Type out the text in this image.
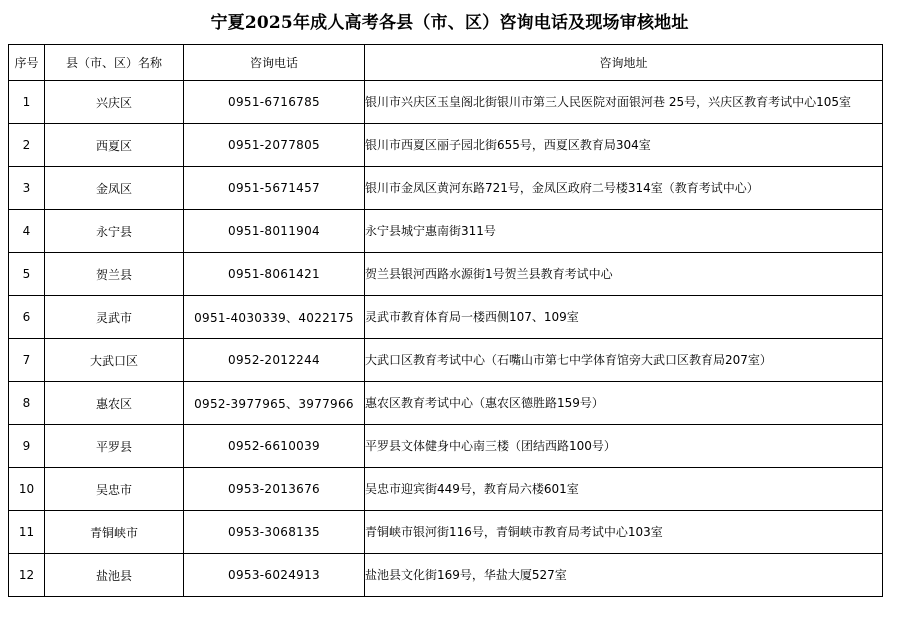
宁夏2025年成人高考各县（市、区）咨询电话及现场审核地址
序号	县（市、区）名称	咨询电话	咨询地址
1	兴庆区	0951-6716785	银川市兴庆区玉皇阁北街银川市第三人民医院对面银河巷 25号，兴庆区教育考试中心105室
2	西夏区	0951-2077805	银川市西夏区丽子园北街655号，西夏区教育局304室
3	金凤区	0951-5671457	银川市金凤区黄河东路721号，金凤区政府二号楼314室（教育考试中心）
4	永宁县	0951-8011904	永宁县城宁惠南街311号
5	贺兰县	0951-8061421	贺兰县银河西路水源街1号贺兰县教育考试中心
6	灵武市	0951-4030339、4022175	灵武市教育体育局一楼西侧107、109室
7	大武口区	0952-2012244	大武口区教育考试中心（石嘴山市第七中学体育馆旁大武口区教育局207室）
8	惠农区	0952-3977965、3977966	惠农区教育考试中心（惠农区德胜路159号）
9	平罗县	0952-6610039	平罗县文体健身中心南三楼（团结西路100号）
10	吴忠市	0953-2013676	吴忠市迎宾街449号，教育局六楼601室
11	青铜峡市	0953-3068135	青铜峡市银河街116号，青铜峡市教育局考试中心103室
12	盐池县	0953-6024913	盐池县文化街169号，华盐大厦527室
